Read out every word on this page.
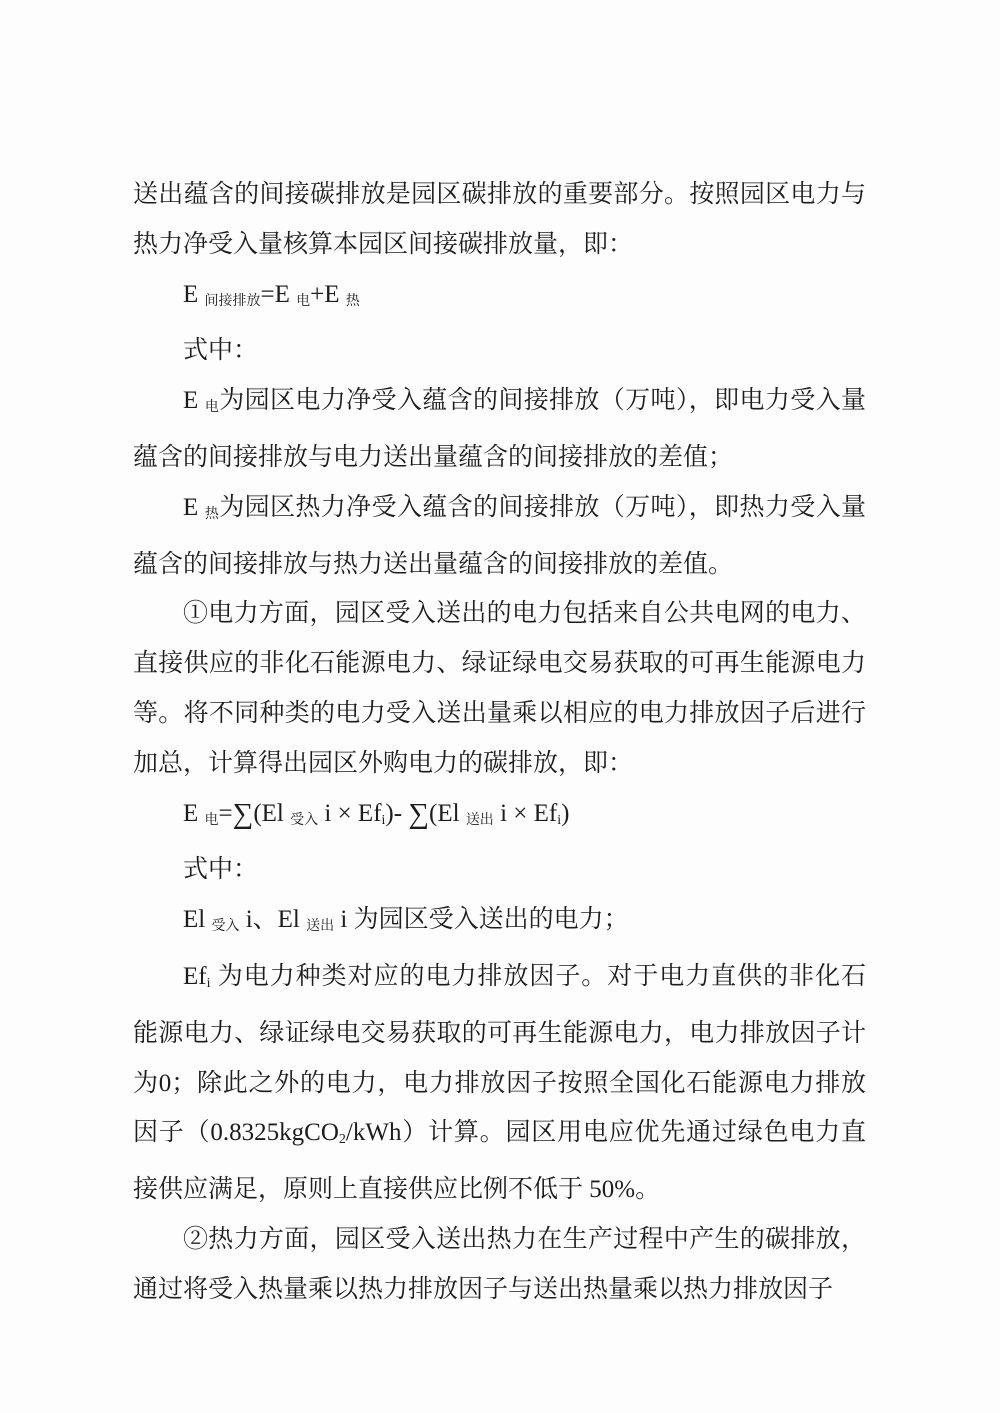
送出蕴含的间接碳排放是园区碳排放的重要部分。按照园区电力与热力净受入量核算本园区间接碳排放量，即：

E $_{间接排放}$=E $_电$+E $_热$

式中：

E $_电$为园区电力净受入蕴含的间接排放（万吨），即电力受入量蕴含的间接排放与电力送出量蕴含的间接排放的差值；

E $_热$为园区热力净受入蕴含的间接排放（万吨），即热力受入量蕴含的间接排放与热力送出量蕴含的间接排放的差值。

①电力方面，园区受入送出的电力包括来自公共电网的电力、直接供应的非化石能源电力、绿证绿电交易获取的可再生能源电力等。将不同种类的电力受入送出量乘以相应的电力排放因子后进行加总，计算得出园区外购电力的碳排放，即：

E $_电$=∑(El $_{受入}$ $i \times Ef_i)-$ ∑(El $_{送出}$ $i \times Ef_i$)

式中：

El $_{受入}$ i、El $_{送出}$ i 为园区受入送出的电力；

$Ef_i$ 为电力种类对应的电力排放因子。对于电力直供的非化石能源电力、绿证绿电交易获取的可再生能源电力，电力排放因子计为0；除此之外的电力，电力排放因子按照全国化石能源电力排放因子（0.8325kgCO$_2$/kWh）计算。园区用电应优先通过绿色电力直接供应满足，原则上直接供应比例不低于 50%。

②热力方面，园区受入送出热力在生产过程中产生的碳排放，通过将受入热量乘以热力排放因子与送出热量乘以热力排放因子
